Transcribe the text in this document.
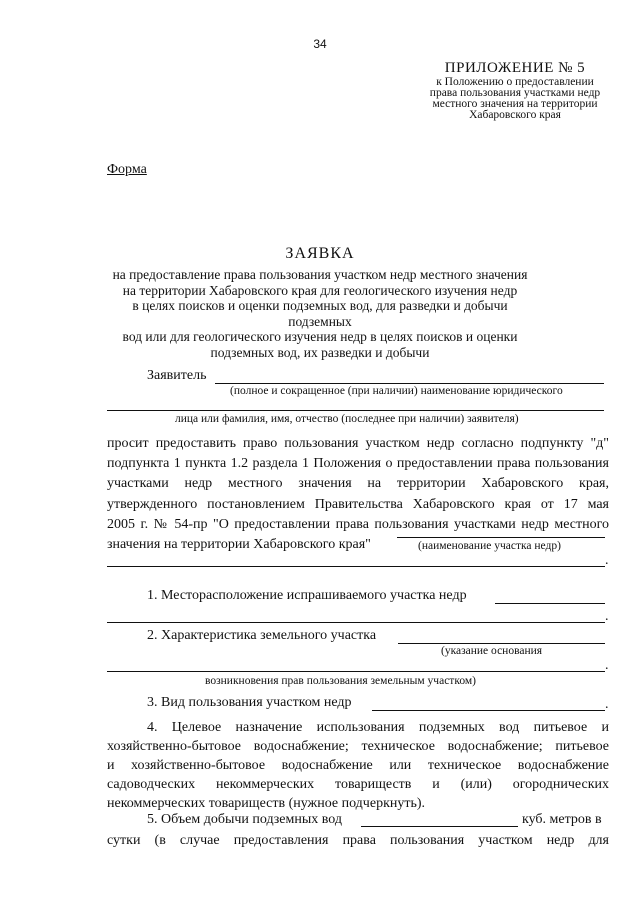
34
ПРИЛОЖЕНИЕ № 5
к Положению о предоставлении
права пользования участками недр
местного значения на территории
Хабаровского края
Форма
ЗАЯВКА
на предоставление права пользования участком недр местного значения
на территории Хабаровского края для геологического изучения недр
в целях поисков и оценки подземных вод, для разведки и добычи подземных
вод или для геологического изучения недр в целях поисков и оценки
подземных вод, их разведки и добычи
Заявитель
(полное и сокращенное (при наличии) наименование юридического
лица или фамилия, имя, отчество (последнее при наличии) заявителя)
просит предоставить право пользования участком недр согласно подпункту "д"
подпункта 1 пункта 1.2 раздела 1 Положения о предоставлении права пользования
участками недр местного значения на территории Хабаровского края,
утвержденного постановлением Правительства Хабаровского края от 17 мая
2005 г. № 54-пр "О предоставлении права пользования участками недр местного
значения на территории Хабаровского края"	(наименование участка недр)
.
1. Месторасположение испрашиваемого участка недр
.
2. Характеристика земельного участка
(указание основания
.
возникновения прав пользования земельным участком)
3. Вид пользования участком недр	.
4. Целевое назначение использования подземных вод питьевое и
хозяйственно-бытовое водоснабжение; техническое водоснабжение; питьевое
и хозяйственно-бытовое водоснабжение или техническое водоснабжение
садоводческих некоммерческих товариществ и (или) огороднических
некоммерческих товариществ (нужное подчеркнуть).
5. Объем добычи подземных вод	куб. метров в
сутки (в случае предоставления права пользования участком недр для
